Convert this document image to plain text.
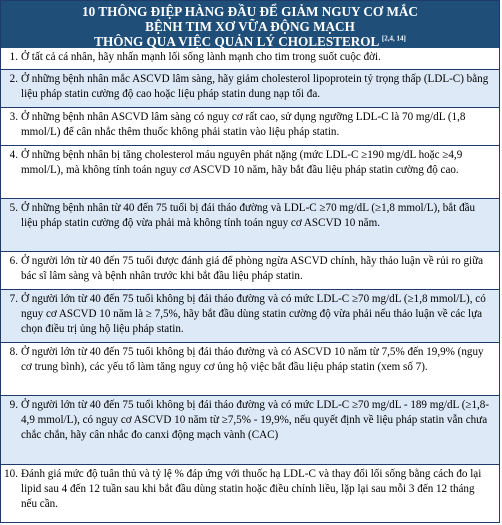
10 THÔNG ĐIỆP HÀNG ĐẦU ĐỂ GIẢM NGUY CƠ MẮC
BỆNH TIM XƠ VỮA ĐỘNG MẠCH
THÔNG QUA VIỆC QUẢN LÝ CHOLESTEROL [2,4, 14]
1. Ở tất cả cá nhân, hãy nhấn mạnh lối sống lành mạnh cho tim trong suốt cuộc đời.
2. Ở những bệnh nhân mắc ASCVD lâm sàng, hãy giảm cholesterol lipoprotein tỷ trọng thấp (LDL-C) bằng liệu pháp statin cường độ cao hoặc liệu pháp statin dung nạp tối đa.
3. Ở những bệnh nhân ASCVD lâm sàng có nguy cơ rất cao, sử dụng ngưỡng LDL-C là 70 mg/dL (1,8 mmol/L) để cân nhắc thêm thuốc không phải statin vào liệu pháp statin.
4. Ở những bệnh nhân bị tăng cholesterol máu nguyên phát nặng (mức LDL-C ≥190 mg/dL hoặc ≥4,9 mmol/L), mà không tính toán nguy cơ ASCVD 10 năm, hãy bắt đầu liệu pháp statin cường độ cao.
5. Ở những bệnh nhân từ 40 đến 75 tuổi bị đái tháo đường và LDL-C ≥70 mg/dL (≥1,8 mmol/L), bắt đầu liệu pháp statin cường độ vừa phải mà không tính toán nguy cơ ASCVD 10 năm.
6. Ở người lớn từ 40 đến 75 tuổi được đánh giá để phòng ngừa ASCVD chính, hãy thảo luận về rủi ro giữa bác sĩ lâm sàng và bệnh nhân trước khi bắt đầu liệu pháp statin.
7. Ở người lớn từ 40 đến 75 tuổi không bị đái tháo đường và có mức LDL-C ≥70 mg/dL (≥1,8 mmol/L), có nguy cơ ASCVD 10 năm là ≥ 7,5%, hãy bắt đầu dùng statin cường độ vừa phải nếu thảo luận về các lựa chọn điều trị ủng hộ liệu pháp statin.
8. Ở người lớn từ 40 đến 75 tuổi không bị đái tháo đường và có ASCVD 10 năm từ 7,5% đến 19,9% (nguy cơ trung bình), các yếu tố làm tăng nguy cơ ủng hộ việc bắt đầu liệu pháp statin (xem số 7).
9. Ở người lớn từ 40 đến 75 tuổi không bị đái tháo đường và có mức LDL-C ≥70 mg/dL - 189 mg/dL (≥1,8-4,9 mmol/L), có nguy cơ ASCVD 10 năm từ ≥7,5% - 19,9%, nếu quyết định về liệu pháp statin vẫn chưa chắc chắn, hãy cân nhắc đo canxi động mạch vành (CAC)
10. Đánh giá mức độ tuân thủ và tỷ lệ % đáp ứng với thuốc hạ LDL-C và thay đổi lối sống bằng cách đo lại lipid sau 4 đến 12 tuần sau khi bắt đầu dùng statin hoặc điều chỉnh liều, lặp lại sau mỗi 3 đến 12 tháng nếu cần.
